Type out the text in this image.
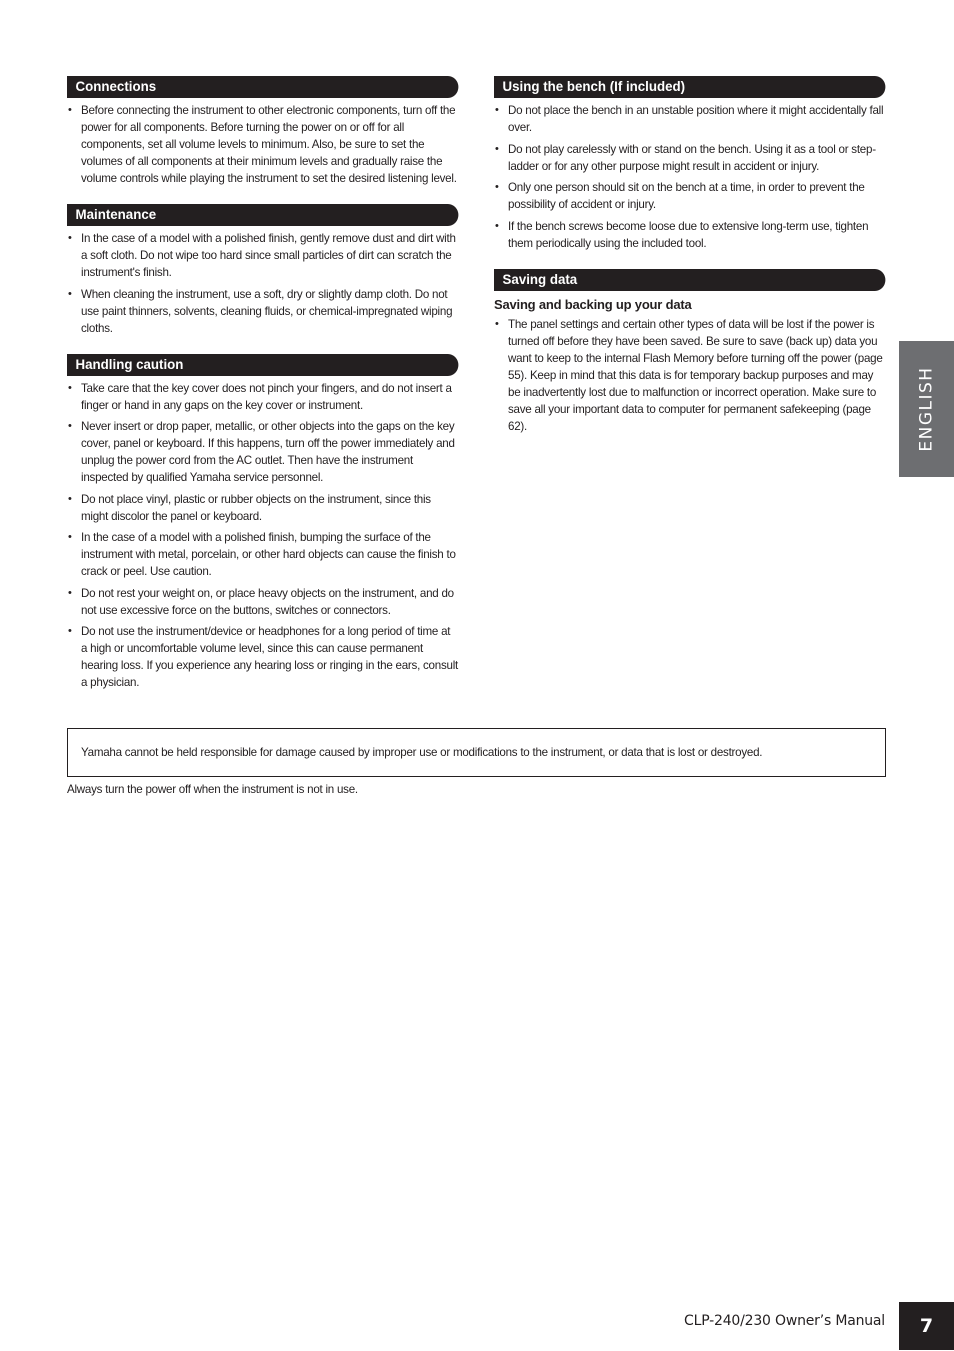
Connections
• Before connecting the instrument to other electronic components, turn off the power for all components. Before turning the power on or off for all components, set all volume levels to minimum. Also, be sure to set the volumes of all components at their minimum levels and gradually raise the volume controls while playing the instrument to set the desired listening level.
Maintenance
• In the case of a model with a polished finish, gently remove dust and dirt with a soft cloth. Do not wipe too hard since small particles of dirt can scratch the instrument's finish.
• When cleaning the instrument, use a soft, dry or slightly damp cloth. Do not use paint thinners, solvents, cleaning fluids, or chemical-impregnated wiping cloths.
Handling caution
• Take care that the key cover does not pinch your fingers, and do not insert a finger or hand in any gaps on the key cover or instrument.
• Never insert or drop paper, metallic, or other objects into the gaps on the key cover, panel or keyboard. If this happens, turn off the power immediately and unplug the power cord from the AC outlet. Then have the instrument inspected by qualified Yamaha service personnel.
• Do not place vinyl, plastic or rubber objects on the instrument, since this might discolor the panel or keyboard.
• In the case of a model with a polished finish, bumping the surface of the instrument with metal, porcelain, or other hard objects can cause the finish to crack or peel. Use caution.
• Do not rest your weight on, or place heavy objects on the instrument, and do not use excessive force on the buttons, switches or connectors.
• Do not use the instrument/device or headphones for a long period of time at a high or uncomfortable volume level, since this can cause permanent hearing loss. If you experience any hearing loss or ringing in the ears, consult a physician.
Using the bench (If included)
• Do not place the bench in an unstable position where it might accidentally fall over.
• Do not play carelessly with or stand on the bench. Using it as a tool or step-ladder or for any other purpose might result in accident or injury.
• Only one person should sit on the bench at a time, in order to prevent the possibility of accident or injury.
• If the bench screws become loose due to extensive long-term use, tighten them periodically using the included tool.
Saving data
Saving and backing up your data
• The panel settings and certain other types of data will be lost if the power is turned off before they have been saved. Be sure to save (back up) data you want to keep to the internal Flash Memory before turning off the power (page 55). Keep in mind that this data is for temporary backup purposes and may be inadvertently lost due to malfunction or incorrect operation. Make sure to save all your important data to computer for permanent safekeeping (page 62).
Yamaha cannot be held responsible for damage caused by improper use or modifications to the instrument, or data that is lost or destroyed.
Always turn the power off when the instrument is not in use.
ENGLISH
CLP-240/230 Owner’s Manual	7
